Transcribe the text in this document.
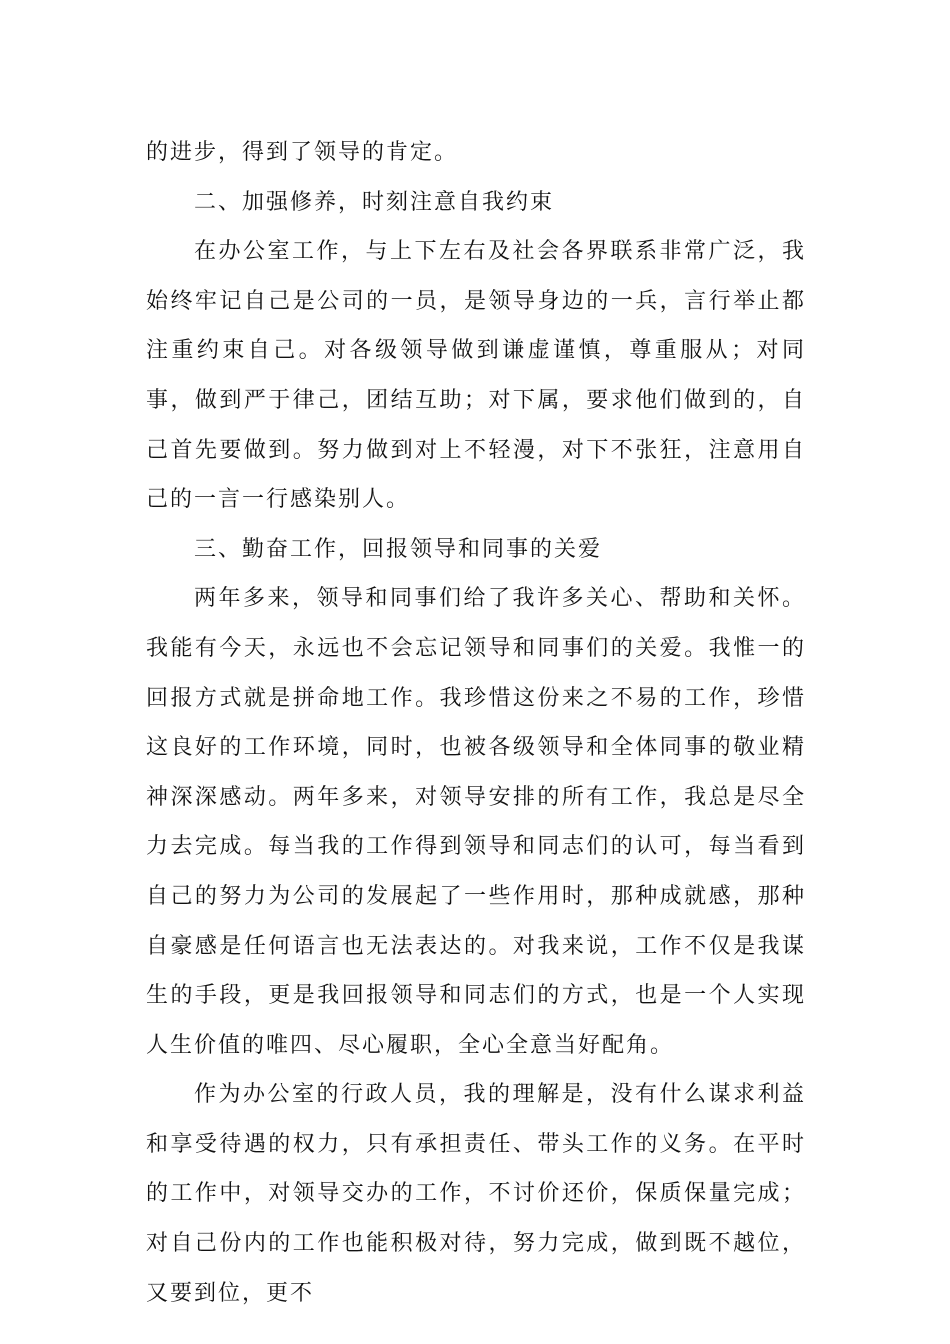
的进步，得到了领导的肯定。

二、加强修养，时刻注意自我约束

在办公室工作，与上下左右及社会各界联系非常广泛，我始终牢记自己是公司的一员，是领导身边的一兵，言行举止都注重约束自己。对各级领导做到谦虚谨慎，尊重服从；对同事，做到严于律己，团结互助；对下属，要求他们做到的，自己首先要做到。努力做到对上不轻漫，对下不张狂，注意用自己的一言一行感染别人。

三、勤奋工作，回报领导和同事的关爱

两年多来，领导和同事们给了我许多关心、帮助和关怀。我能有今天，永远也不会忘记领导和同事们的关爱。我惟一的回报方式就是拼命地工作。我珍惜这份来之不易的工作，珍惜这良好的工作环境，同时，也被各级领导和全体同事的敬业精神深深感动。两年多来，对领导安排的所有工作，我总是尽全力去完成。每当我的工作得到领导和同志们的认可，每当看到自己的努力为公司的发展起了一些作用时，那种成就感，那种自豪感是任何语言也无法表达的。对我来说，工作不仅是我谋生的手段，更是我回报领导和同志们的方式，也是一个人实现人生价值的唯四、尽心履职，全心全意当好配角。

作为办公室的行政人员，我的理解是，没有什么谋求利益和享受待遇的权力，只有承担责任、带头工作的义务。在平时的工作中，对领导交办的工作，不讨价还价，保质保量完成；对自己份内的工作也能积极对待，努力完成，做到既不越位，又要到位，更不
